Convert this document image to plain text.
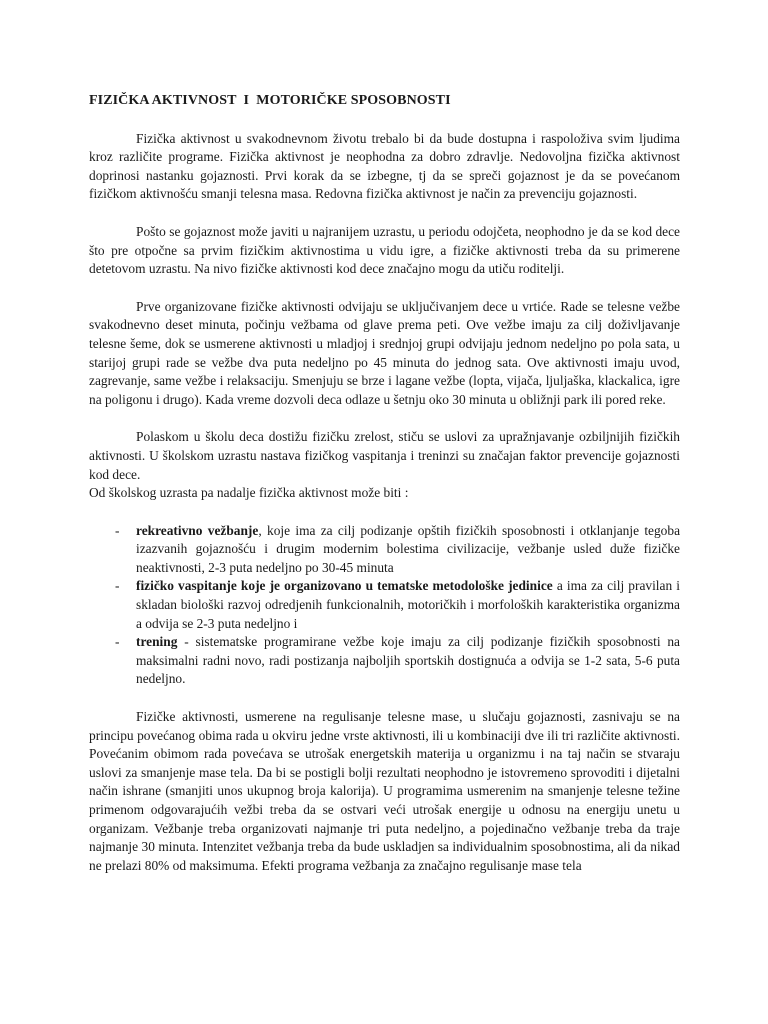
FIZIČKA AKTIVNOST  I  MOTORIČKE SPOSOBNOSTI

Fizička aktivnost u svakodnevnom životu trebalo bi da bude dostupna i raspoloživa svim ljudima kroz različite programe. Fizička aktivnost je neophodna za dobro zdravlje. Nedovoljna fizička aktivnost doprinosi nastanku gojaznosti. Prvi korak da se izbegne, tj da se spreči gojaznost je da se povećanom fizičkom aktivnošću smanji telesna masa. Redovna fizička aktivnost je način za prevenciju gojaznosti.

Pošto se gojaznost može javiti u najranijem uzrastu, u periodu odojčeta, neophodno je da se kod dece što pre otpočne sa prvim fizičkim aktivnostima u vidu igre, a fizičke aktivnosti treba da su primerene detetovom uzrastu. Na nivo fizičke aktivnosti kod dece značajno mogu da utiču roditelji.

Prve organizovane fizičke aktivnosti odvijaju se uključivanjem dece u vrtiće. Rade se telesne vežbe svakodnevno deset minuta, počinju vežbama od glave prema peti. Ove vežbe imaju za cilj doživljavanje telesne šeme, dok se usmerene aktivnosti u mladjoj i srednjoj grupi odvijaju jednom nedeljno po pola sata, u starijoj grupi rade se vežbe dva puta nedeljno po 45 minuta do jednog sata. Ove aktivnosti imaju uvod, zagrevanje, same vežbe i relaksaciju. Smenjuju se brze i lagane vežbe (lopta, vijača, ljuljaška, klackalica, igre na poligonu i drugo). Kada vreme dozvoli deca odlaze u šetnju oko 30 minuta u obližnji park ili pored reke.

Polaskom u školu deca dostižu fizičku zrelost, stiču se uslovi za upražnjavanje ozbiljnijih fizičkih aktivnosti. U školskom uzrastu nastava fizičkog vaspitanja i treninzi su značajan faktor prevencije gojaznosti kod dece.

Od školskog uzrasta pa nadalje fizička aktivnost može biti :

- rekreativno vežbanje, koje ima za cilj podizanje opštih fizičkih sposobnosti i otklanjanje tegoba izazvanih gojaznošću i drugim modernim bolestima civilizacije, vežbanje usled duže fizičke neaktivnosti, 2-3 puta nedeljno po 30-45 minuta
- fizičko vaspitanje koje je organizovano u tematske metodološke jedinice a ima za cilj pravilan i skladan biološki razvoj odredjenih funkcionalnih, motoričkih i morfoloških karakteristika organizma a odvija se 2-3 puta nedeljno i
- trening - sistematske programirane vežbe koje imaju za cilj podizanje fizičkih sposobnosti na maksimalni radni novo, radi postizanja najboljih sportskih dostignuća a odvija se 1-2 sata, 5-6 puta nedeljno.

Fizičke aktivnosti, usmerene na regulisanje telesne mase, u slučaju gojaznosti, zasnivaju se na principu povećanog obima rada u okviru jedne vrste aktivnosti, ili u kombinaciji dve ili tri različite aktivnosti. Povećanim obimom rada povećava se utrošak energetskih materija u organizmu i na taj način se stvaraju uslovi za smanjenje mase tela. Da bi se postigli bolji rezultati neophodno je istovremeno sprovoditi i dijetalni način ishrane (smanjiti unos ukupnog broja kalorija). U programima usmerenim na smanjenje telesne težine primenom odgovarajućih vežbi treba da se ostvari veći utrošak energije u odnosu na energiju unetu u organizam. Vežbanje treba organizovati najmanje tri puta nedeljno, a pojedinačno vežbanje treba da traje najmanje 30 minuta. Intenzitet vežbanja treba da bude uskladjen sa individualnim sposobnostima, ali da nikad ne prelazi 80% od maksimuma. Efekti programa vežbanja za značajno regulisanje mase tela
